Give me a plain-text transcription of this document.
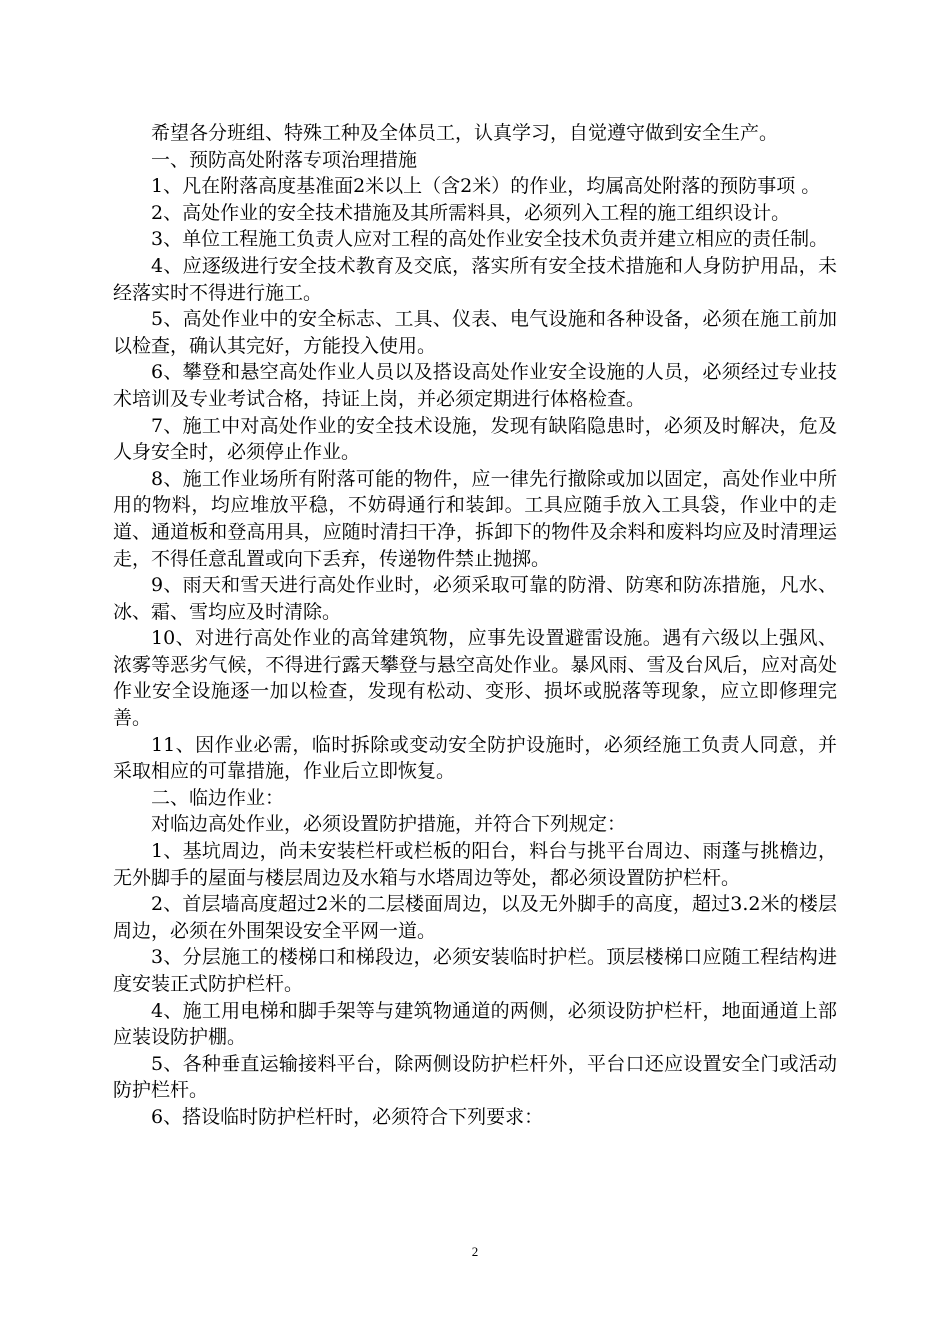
希望各分班组、特殊工种及全体员工，认真学习，自觉遵守做到安全生产。

一、预防高处附落专项治理措施

1、凡在附落高度基准面2米以上（含2米）的作业，均属高处附落的预防事项 。

2、高处作业的安全技术措施及其所需料具，必须列入工程的施工组织设计。

3、单位工程施工负责人应对工程的高处作业安全技术负责并建立相应的责任制。

4、应逐级进行安全技术教育及交底，落实所有安全技术措施和人身防护用品，未经落实时不得进行施工。

5、高处作业中的安全标志、工具、仪表、电气设施和各种设备，必须在施工前加以检查，确认其完好，方能投入使用。

6、攀登和悬空高处作业人员以及搭设高处作业安全设施的人员，必须经过专业技术培训及专业考试合格，持证上岗，并必须定期进行体格检查。

7、施工中对高处作业的安全技术设施，发现有缺陷隐患时，必须及时解决，危及人身安全时，必须停止作业。

8、施工作业场所有附落可能的物件，应一律先行撤除或加以固定，高处作业中所用的物料，均应堆放平稳，不妨碍通行和装卸。工具应随手放入工具袋，作业中的走道、通道板和登高用具，应随时清扫干净，拆卸下的物件及余料和废料均应及时清理运走，不得任意乱置或向下丢弃，传递物件禁止抛掷。

9、雨天和雪天进行高处作业时，必须采取可靠的防滑、防寒和防冻措施，凡水、冰、霜、雪均应及时清除。

10、对进行高处作业的高耸建筑物，应事先设置避雷设施。遇有六级以上强风、浓雾等恶劣气候，不得进行露天攀登与悬空高处作业。暴风雨、雪及台风后，应对高处作业安全设施逐一加以检查，发现有松动、变形、损坏或脱落等现象，应立即修理完善。

11、因作业必需，临时拆除或变动安全防护设施时，必须经施工负责人同意，并采取相应的可靠措施，作业后立即恢复。

二、临边作业：

对临边高处作业，必须设置防护措施，并符合下列规定：

1、基坑周边，尚未安装栏杆或栏板的阳台，料台与挑平台周边、雨蓬与挑檐边，无外脚手的屋面与楼层周边及水箱与水塔周边等处，都必须设置防护栏杆。

2、首层墙高度超过2米的二层楼面周边，以及无外脚手的高度，超过3.2米的楼层周边，必须在外围架设安全平网一道。

3、分层施工的楼梯口和梯段边，必须安装临时护栏。顶层楼梯口应随工程结构进度安装正式防护栏杆。

4、施工用电梯和脚手架等与建筑物通道的两侧，必须设防护栏杆，地面通道上部应装设防护棚。

5、各种垂直运输接料平台，除两侧设防护栏杆外，平台口还应设置安全门或活动防护栏杆。

6、搭设临时防护栏杆时，必须符合下列要求：

2
